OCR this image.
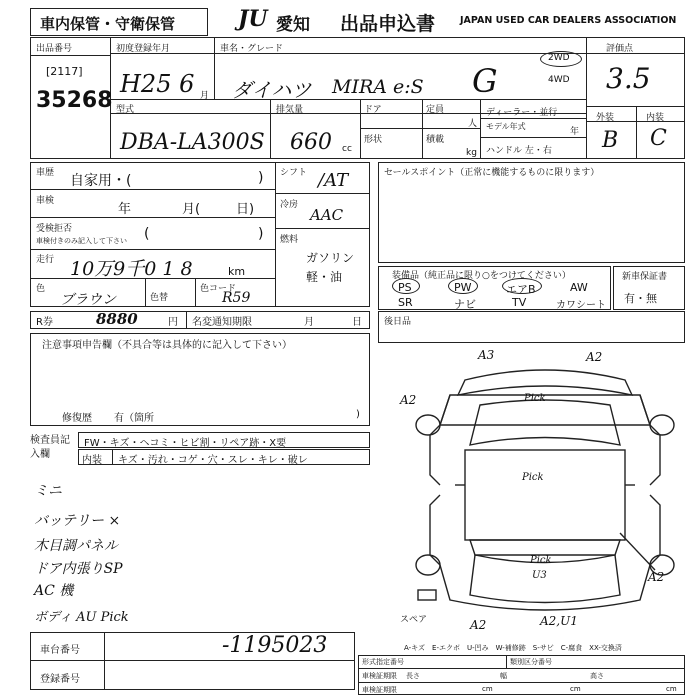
車内保管・守衛保管	JU 愛知 出品申込書	JAPAN USED CAR DEALERS ASSOCIATION
出品番号
[2117]
35268
初度登録年月
H25 6 月
車名・グレード
ダイハツ MIRA e:S G
2WD
4WD
評価点
3.5
外装	内装
B C
型式
DBA-LA300S
排気量
660 cc
ドア	定員
人
形状	積載
kg
ディーラー・並行
モデル年式
年
ハンドル 左・右
車歴 自家用・(	)
車検
年	月(	日)
受検拒否
車検付きのみ記入して下さい (	)
走行 10万9千0 1 8	km
色
ブラウン	色替
色コード
R59
シフト /AT
冷房
AAC
燃料
ガソリン
軽・油
セールスポイント（正常に機能するものに限ります）
装備品（純正品に限り○をつけてください）
PS	PW	エアB	AW
SR	ナビ	TV	カワシート
新車保証書
有・無
R券	8880	円 名変通知期限	月	日 後日品
注意事項申告欄（不具合等は具体的に記入して下さい）
修復歴 有（箇所	)
検査員記入欄
FW・キズ・ヘコミ・ヒビ割・リペア跡・X要
内装 キズ・汚れ・コゲ・穴・スレ・キレ・破レ
ミニ
バッテリー ×
木目調パネル
ドア内張りSP
AC 機
ボディ AU Pick
A3	A2
A2	Pick
Pick
Pick
U3	A2
A2	A2,U1
スペア
A-キズ　E-エクボ　U-凹み　W-補修跡　S-サビ　C-腐食　XX-交換済
車台番号	-1195023
登録番号
形式指定番号	類別区分番号
車検証期限 長さ	幅	高さ
cm	cm	cm
車検証期限
